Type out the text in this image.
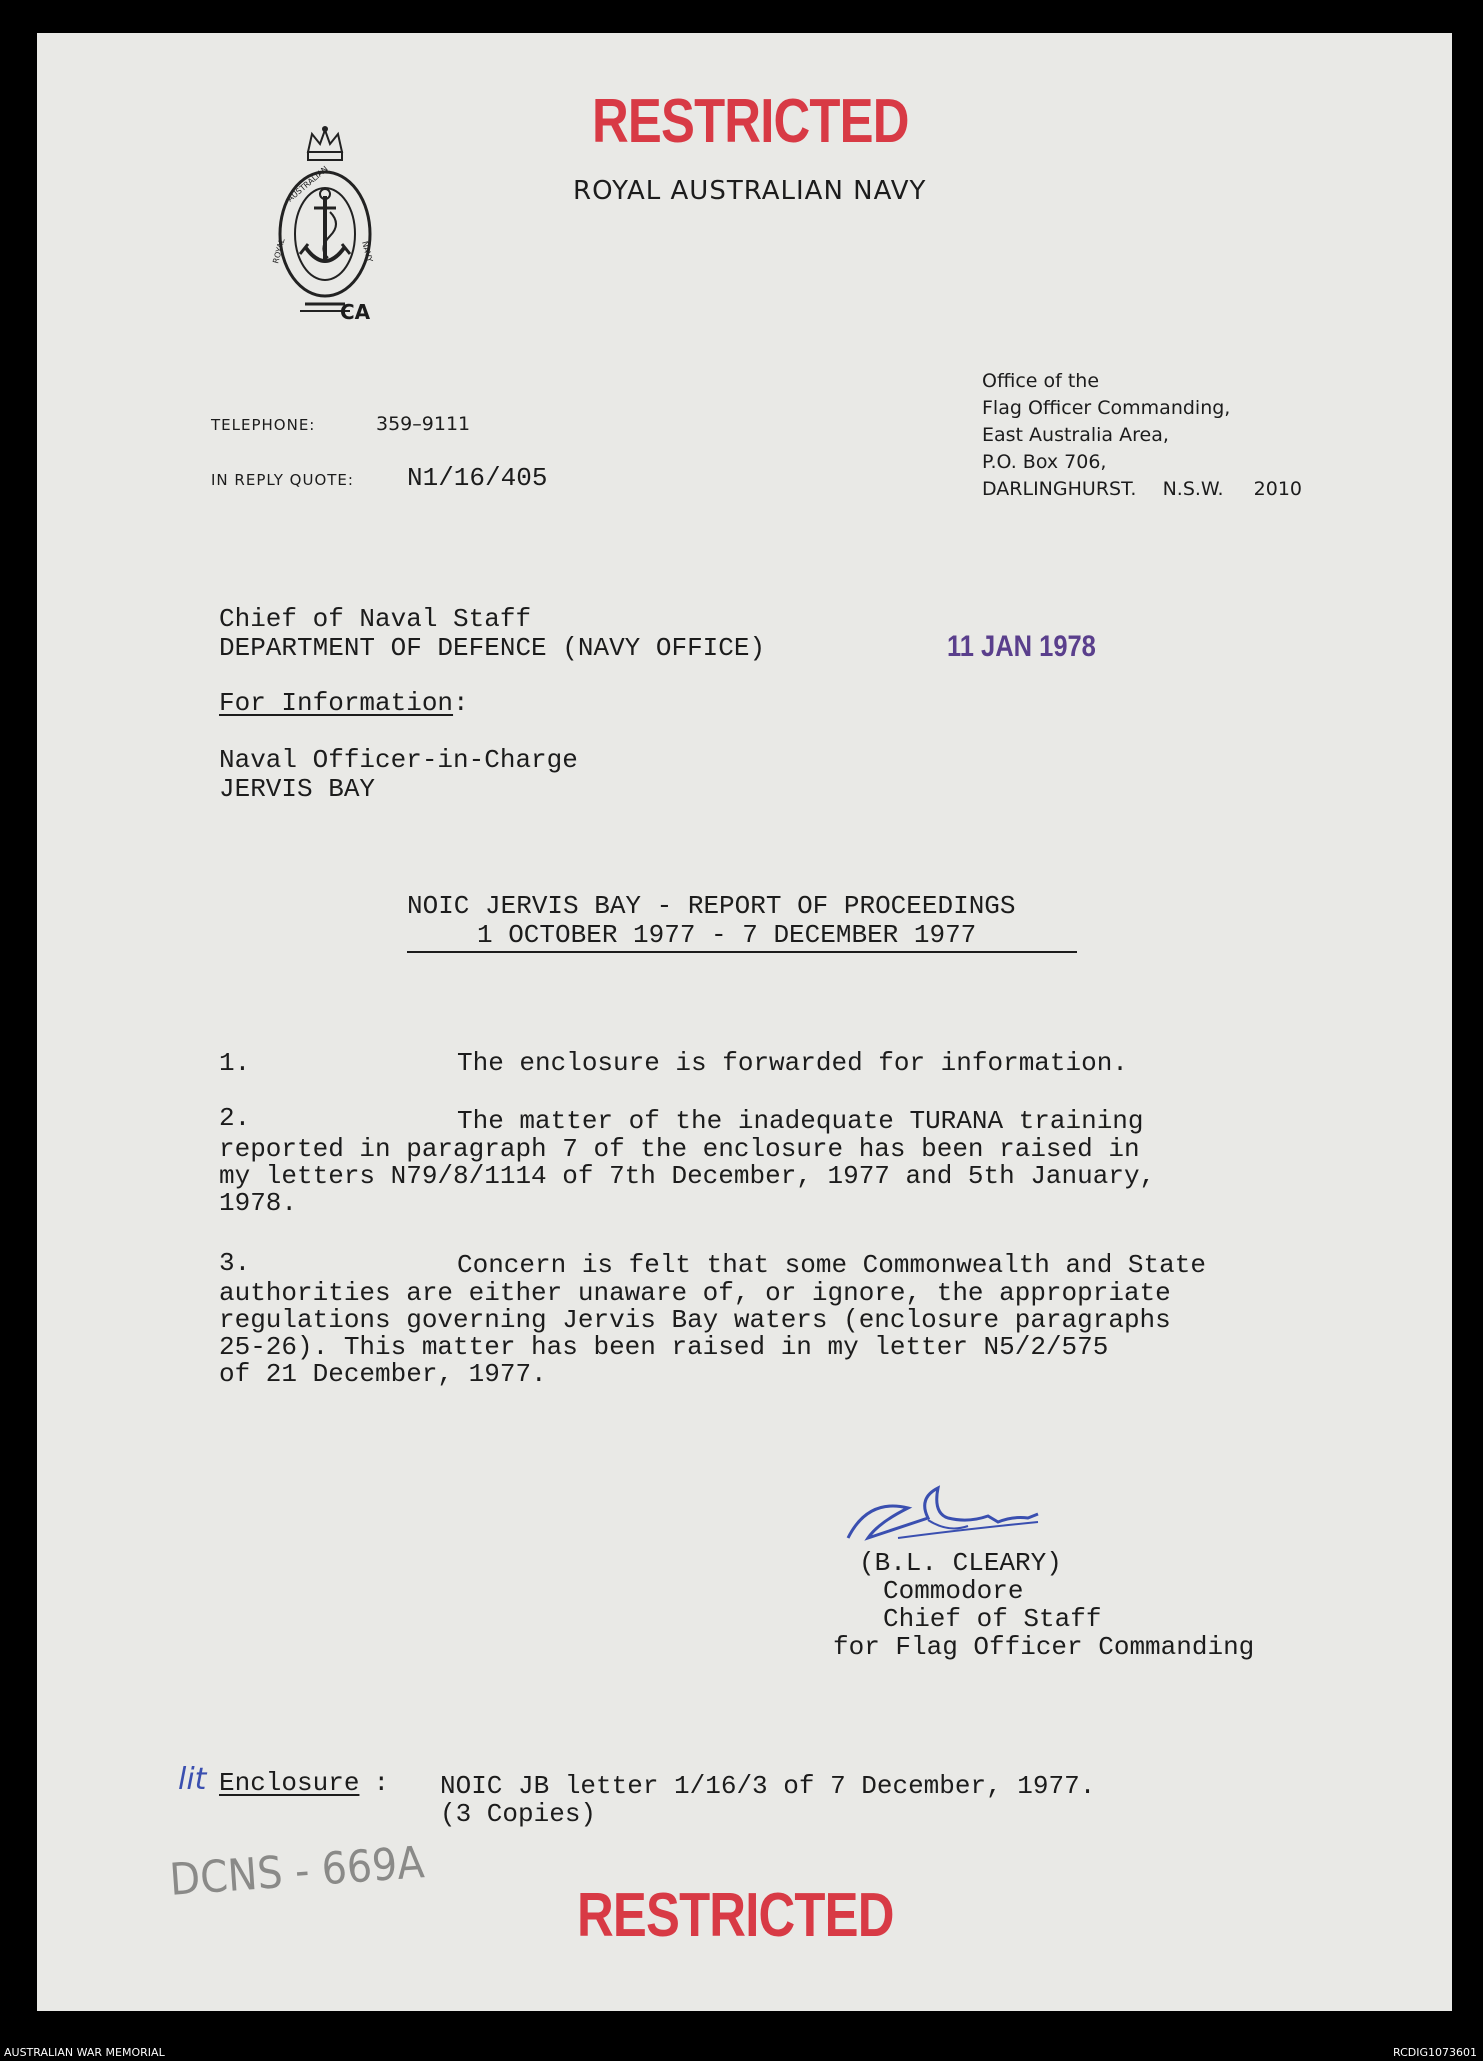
RESTRICTED
AUSTRALIAN
ROYAL	NAVY
CA
ROYAL AUSTRALIAN NAVY
Office of the
Flag Officer Commanding,
East Australia Area,
P.O. Box 706,
DARLINGHURST. N.S.W. 2010
TELEPHONE:	359–9111
IN REPLY QUOTE: N1/16/405
Chief of Naval Staff
DEPARTMENT OF DEFENCE (NAVY OFFICE)	11 JAN 1978
For Information:
Naval Officer-in-Charge
JERVIS BAY
NOIC JERVIS BAY - REPORT OF PROCEEDINGS
1 OCTOBER 1977 - 7 DECEMBER 1977
1.	The enclosure is forwarded for information.
2.	The matter of the inadequate TURANA training
reported in paragraph 7 of the enclosure has been raised in
my letters N79/8/1114 of 7th December, 1977 and 5th January,
1978.
3.	Concern is felt that some Commonwealth and State
authorities are either unaware of, or ignore, the appropriate
regulations governing Jervis Bay waters (enclosure paragraphs
25-26). This matter has been raised in my letter N5/2/575
of 21 December, 1977.
(B.L. CLEARY)
Commodore
Chief of Staff
for Flag Officer Commanding
lit Enclosure : NOIC JB letter 1/16/3 of 7 December, 1977.
(3 Copies)
DCNS - 669A
RESTRICTED
AUSTRALIAN WAR MEMORIAL	RCDIG1073601
